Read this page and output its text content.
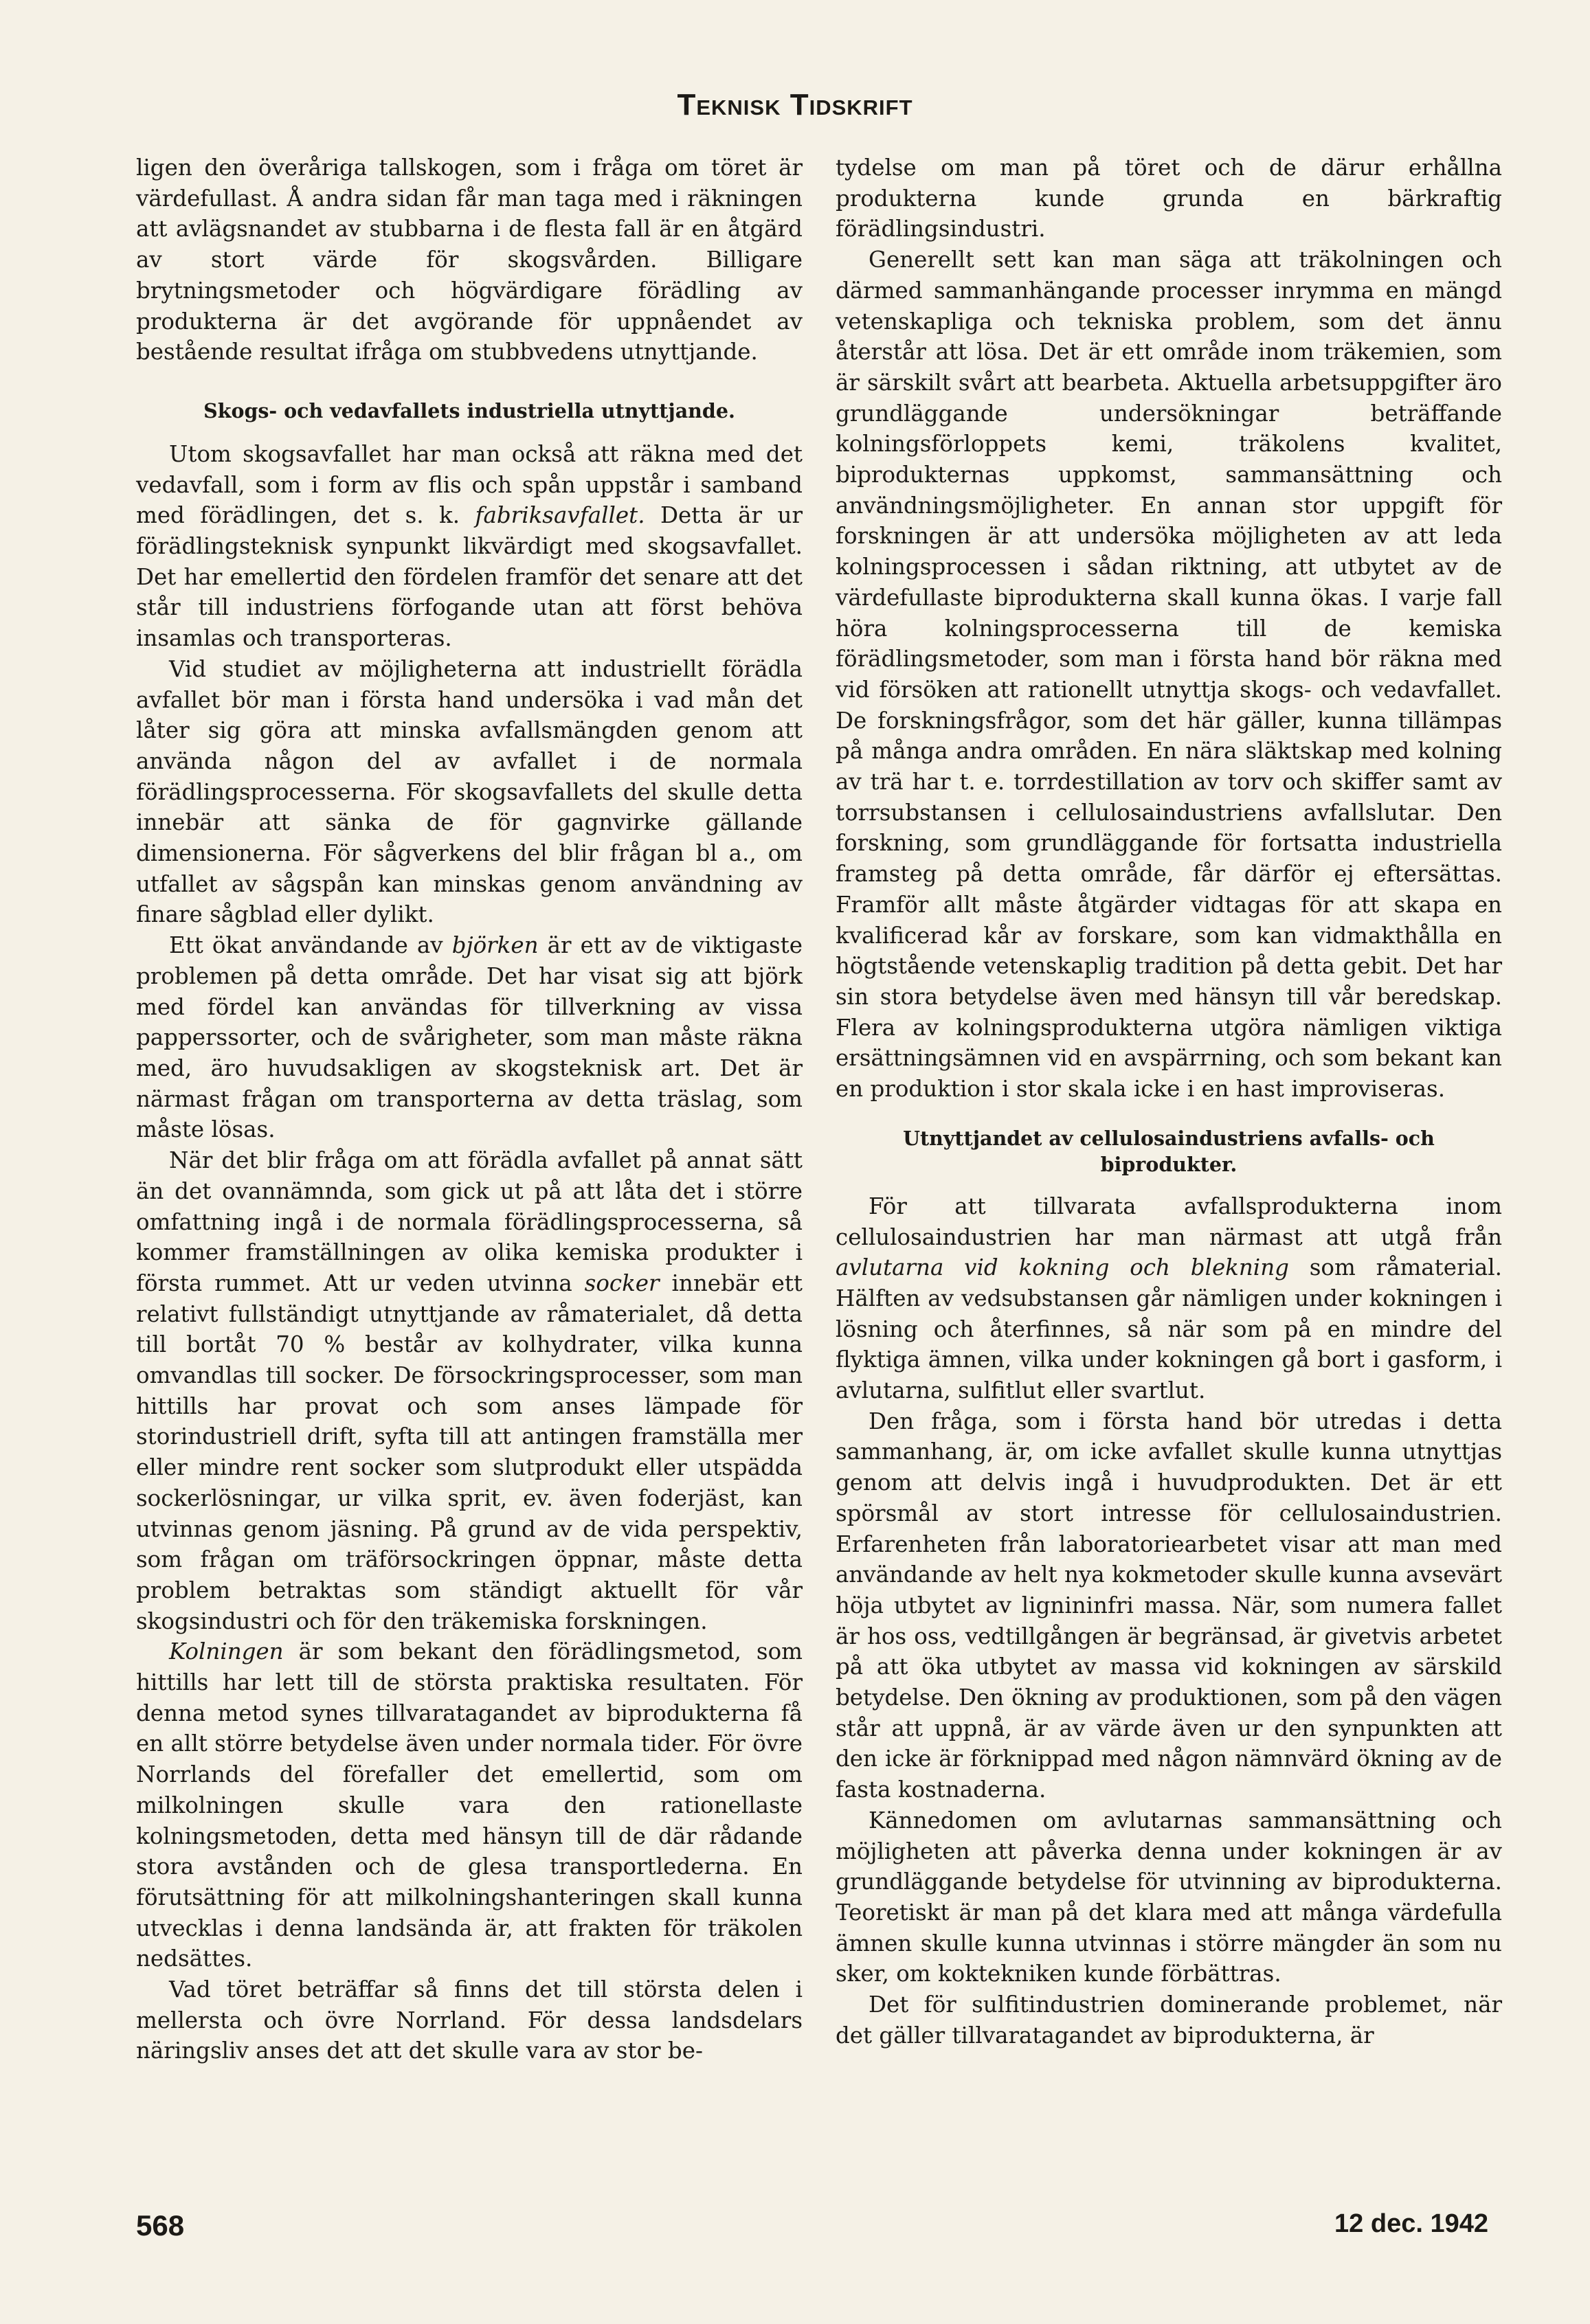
Teknisk Tidskrift

ligen den överåriga tallskogen, som i fråga om töret är värdefullast. Å andra sidan får man taga med i räkningen att avlägsnandet av stubbarna i de flesta fall är en åtgärd av stort värde för skogsvården. Billigare brytningsmetoder och högvärdigare förädling av produkterna är det avgörande för uppnåendet av bestående resultat ifråga om stubbvedens utnyttjande.

Skogs- och vedavfallets industriella utnyttjande.

Utom skogsavfallet har man också att räkna med det vedavfall, som i form av flis och spån uppstår i samband med förädlingen, det s. k. fabriksavfallet. Detta är ur förädlingsteknisk synpunkt likvärdigt med skogsavfallet. Det har emellertid den fördelen framför det senare att det står till industriens förfogande utan att först behöva insamlas och transporteras.

Vid studiet av möjligheterna att industriellt förädla avfallet bör man i första hand undersöka i vad mån det låter sig göra att minska avfallsmängden genom att använda någon del av avfallet i de normala förädlingsprocesserna. För skogsavfallets del skulle detta innebär att sänka de för gagnvirke gällande dimensionerna. För sågverkens del blir frågan bl a., om utfallet av sågspån kan minskas genom användning av finare sågblad eller dylikt.

Ett ökat användande av björken är ett av de viktigaste problemen på detta område. Det har visat sig att björk med fördel kan användas för tillverkning av vissa papperssorter, och de svårigheter, som man måste räkna med, äro huvudsakligen av skogsteknisk art. Det är närmast frågan om transporterna av detta träslag, som måste lösas.

När det blir fråga om att förädla avfallet på annat sätt än det ovannämnda, som gick ut på att låta det i större omfattning ingå i de normala förädlingsprocesserna, så kommer framställningen av olika kemiska produkter i första rummet. Att ur veden utvinna socker innebär ett relativt fullständigt utnyttjande av råmaterialet, då detta till bortåt 70 % består av kolhydrater, vilka kunna omvandlas till socker. De försockringsprocesser, som man hittills har provat och som anses lämpade för storindustriell drift, syfta till att antingen framställa mer eller mindre rent socker som slutprodukt eller utspädda sockerlösningar, ur vilka sprit, ev. även foderjäst, kan utvinnas genom jäsning. På grund av de vida perspektiv, som frågan om träförsockringen öppnar, måste detta problem betraktas som ständigt aktuellt för vår skogsindustri och för den träkemiska forskningen.

Kolningen är som bekant den förädlingsmetod, som hittills har lett till de största praktiska resultaten. För denna metod synes tillvaratagandet av biprodukterna få en allt större betydelse även under normala tider. För övre Norrlands del förefaller det emellertid, som om milkolningen skulle vara den rationellaste kolningsmetoden, detta med hänsyn till de där rådande stora avstånden och de glesa transportlederna. En förutsättning för att milkolningshanteringen skall kunna utvecklas i denna landsända är, att frakten för träkolen nedsättes.

Vad töret beträffar så finns det till största delen i mellersta och övre Norrland. För dessa landsdelars näringsliv anses det att det skulle vara av stor be-

tydelse om man på töret och de därur erhållna produkterna kunde grunda en bärkraftig förädlingsindustri.

Generellt sett kan man säga att träkolningen och därmed sammanhängande processer inrymma en mängd vetenskapliga och tekniska problem, som det ännu återstår att lösa. Det är ett område inom träkemien, som är särskilt svårt att bearbeta. Aktuella arbetsuppgifter äro grundläggande undersökningar beträffande kolningsförloppets kemi, träkolens kvalitet, biprodukternas uppkomst, sammansättning och användningsmöjligheter. En annan stor uppgift för forskningen är att undersöka möjligheten av att leda kolningsprocessen i sådan riktning, att utbytet av de värdefullaste biprodukterna skall kunna ökas. I varje fall höra kolningsprocesserna till de kemiska förädlingsmetoder, som man i första hand bör räkna med vid försöken att rationellt utnyttja skogs- och vedavfallet. De forskningsfrågor, som det här gäller, kunna tillämpas på många andra områden. En nära släktskap med kolning av trä har t. e. torrdestillation av torv och skiffer samt av torrsubstansen i cellulosaindustriens avfallslutar. Den forskning, som grundläggande för fortsatta industriella framsteg på detta område, får därför ej eftersättas. Framför allt måste åtgärder vidtagas för att skapa en kvalificerad kår av forskare, som kan vidmakthålla en högtstående vetenskaplig tradition på detta gebit. Det har sin stora betydelse även med hänsyn till vår beredskap. Flera av kolningsprodukterna utgöra nämligen viktiga ersättningsämnen vid en avspärrning, och som bekant kan en produktion i stor skala icke i en hast improviseras.

Utnyttjandet av cellulosaindustriens avfalls- och biprodukter.

För att tillvarata avfallsprodukterna inom cellulosaindustrien har man närmast att utgå från avlutarna vid kokning och blekning som råmaterial. Hälften av vedsubstansen går nämligen under kokningen i lösning och återfinnes, så när som på en mindre del flyktiga ämnen, vilka under kokningen gå bort i gasform, i avlutarna, sulfitlut eller svartlut.

Den fråga, som i första hand bör utredas i detta sammanhang, är, om icke avfallet skulle kunna utnyttjas genom att delvis ingå i huvudprodukten. Det är ett spörsmål av stort intresse för cellulosaindustrien. Erfarenheten från laboratoriearbetet visar att man med användande av helt nya kokmetoder skulle kunna avsevärt höja utbytet av lignininfri massa. När, som numera fallet är hos oss, vedtillgången är begränsad, är givetvis arbetet på att öka utbytet av massa vid kokningen av särskild betydelse. Den ökning av produktionen, som på den vägen står att uppnå, är av värde även ur den synpunkten att den icke är förknippad med någon nämnvärd ökning av de fasta kostnaderna.

Kännedomen om avlutarnas sammansättning och möjligheten att påverka denna under kokningen är av grundläggande betydelse för utvinning av biprodukterna. Teoretiskt är man på det klara med att många värdefulla ämnen skulle kunna utvinnas i större mängder än som nu sker, om koktekniken kunde förbättras.

Det för sulfitindustrien dominerande problemet, när det gäller tillvaratagandet av biprodukterna, är

568	12 dec. 1942
